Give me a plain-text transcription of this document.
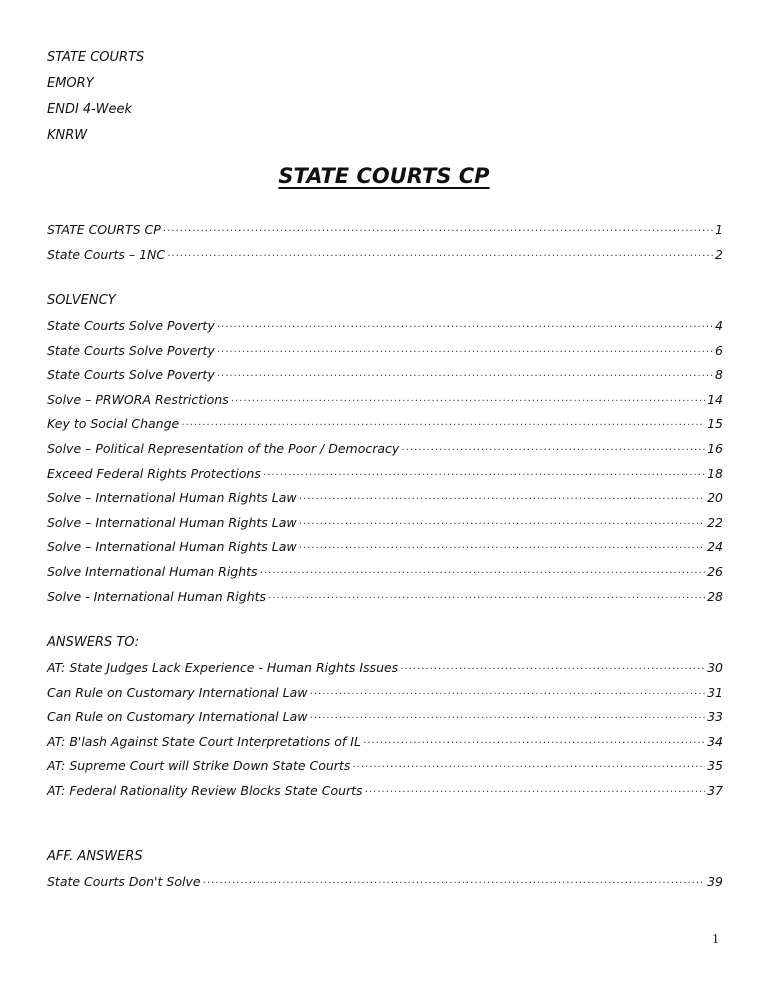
STATE COURTS
EMORY
ENDI 4-Week
KNRW
STATE COURTS CP
STATE COURTS CP ·····	1
State Courts – 1NC ·····	2
SOLVENCY
State Courts Solve Poverty ·····	4
State Courts Solve Poverty ·····	6
State Courts Solve Poverty ·····	8
Solve – PRWORA Restrictions ·····	14
Key to Social Change ·····	15
Solve – Political Representation of the Poor / Democracy ·····	16
Exceed Federal Rights Protections ·····	18
Solve – International Human Rights Law ·····	20
Solve – International Human Rights Law ·····	22
Solve – International Human Rights Law ·····	24
Solve International Human Rights ·····	26
Solve - International Human Rights ·····	28
ANSWERS TO:
AT: State Judges Lack Experience - Human Rights Issues ·····	30
Can Rule on Customary International Law ·····	31
Can Rule on Customary International Law ·····	33
AT: B'lash Against State Court Interpretations of IL ·····	34
AT: Supreme Court will Strike Down State Courts ·····	35
AT: Federal Rationality Review Blocks State Courts ·····	37
AFF. ANSWERS
State Courts Don't Solve ·····	39
1
